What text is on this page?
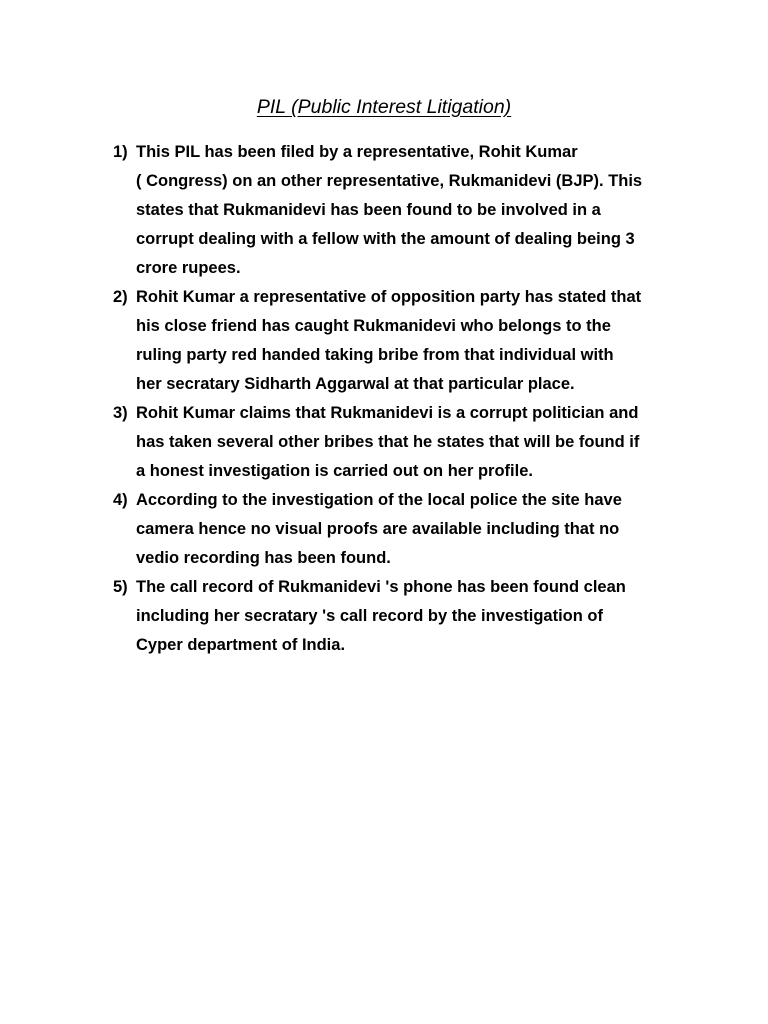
PIL (Public Interest Litigation)
1) This PIL has been filed by a representative, Rohit Kumar
( Congress) on an other representative, Rukmanidevi (BJP). This
states that Rukmanidevi has been found to be involved in a
corrupt dealing with a fellow with the amount of dealing being 3
crore rupees.
2) Rohit Kumar a representative of opposition party has stated that
his close friend has caught Rukmanidevi who belongs to the
ruling party red handed taking bribe from that individual with
her secratary Sidharth Aggarwal at that particular place.
3) Rohit Kumar claims that Rukmanidevi is a corrupt politician and
has taken several other bribes that he states that will be found if
a honest investigation is carried out on her profile.
4) According to the investigation of the local police the site have
camera hence no visual proofs are available including that no
vedio recording has been found.
5) The call record of Rukmanidevi 's phone has been found clean
including her secratary 's call record by the investigation of
Cyper department of India.
